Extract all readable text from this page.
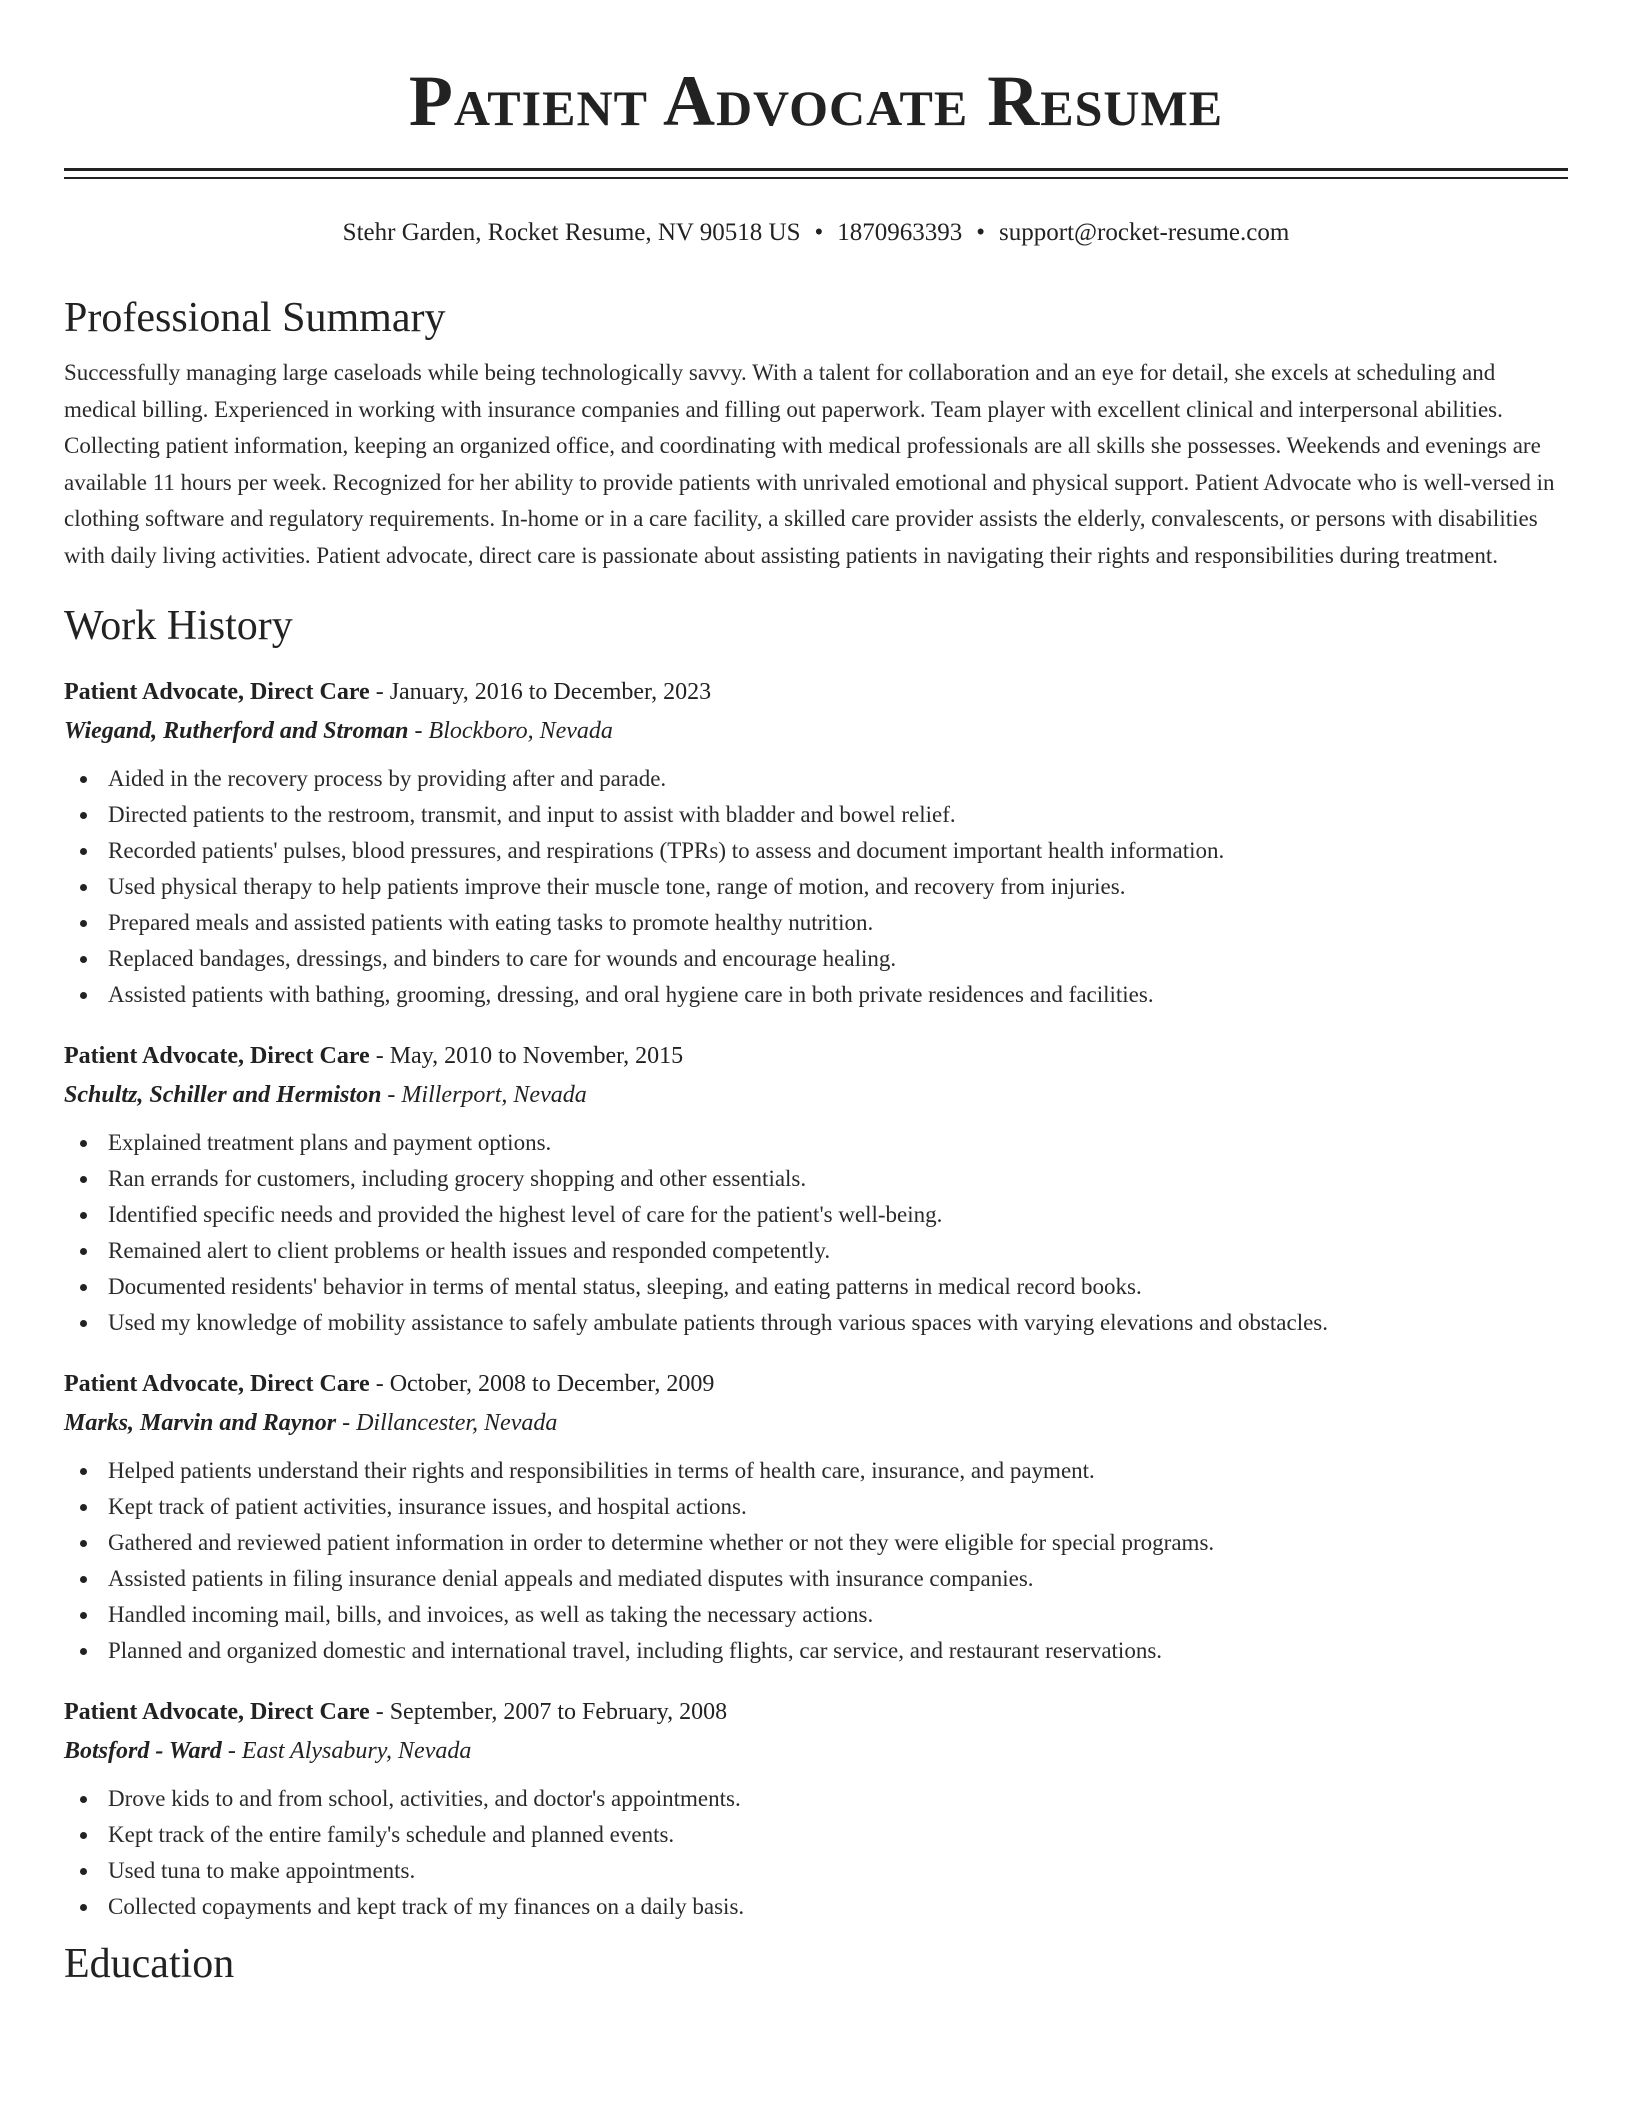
Patient Advocate Resume
Stehr Garden, Rocket Resume, NV 90518 US • 1870963393 • support@rocket-resume.com
Professional Summary
Successfully managing large caseloads while being technologically savvy. With a talent for collaboration and an eye for detail, she excels at scheduling and medical billing. Experienced in working with insurance companies and filling out paperwork. Team player with excellent clinical and interpersonal abilities. Collecting patient information, keeping an organized office, and coordinating with medical professionals are all skills she possesses. Weekends and evenings are available 11 hours per week. Recognized for her ability to provide patients with unrivaled emotional and physical support. Patient Advocate who is well-versed in clothing software and regulatory requirements. In-home or in a care facility, a skilled care provider assists the elderly, convalescents, or persons with disabilities with daily living activities. Patient advocate, direct care is passionate about assisting patients in navigating their rights and responsibilities during treatment.
Work History
Patient Advocate, Direct Care - January, 2016 to December, 2023
Wiegand, Rutherford and Stroman - Blockboro, Nevada
Aided in the recovery process by providing after and parade.
Directed patients to the restroom, transmit, and input to assist with bladder and bowel relief.
Recorded patients' pulses, blood pressures, and respirations (TPRs) to assess and document important health information.
Used physical therapy to help patients improve their muscle tone, range of motion, and recovery from injuries.
Prepared meals and assisted patients with eating tasks to promote healthy nutrition.
Replaced bandages, dressings, and binders to care for wounds and encourage healing.
Assisted patients with bathing, grooming, dressing, and oral hygiene care in both private residences and facilities.
Patient Advocate, Direct Care - May, 2010 to November, 2015
Schultz, Schiller and Hermiston - Millerport, Nevada
Explained treatment plans and payment options.
Ran errands for customers, including grocery shopping and other essentials.
Identified specific needs and provided the highest level of care for the patient's well-being.
Remained alert to client problems or health issues and responded competently.
Documented residents' behavior in terms of mental status, sleeping, and eating patterns in medical record books.
Used my knowledge of mobility assistance to safely ambulate patients through various spaces with varying elevations and obstacles.
Patient Advocate, Direct Care - October, 2008 to December, 2009
Marks, Marvin and Raynor - Dillancester, Nevada
Helped patients understand their rights and responsibilities in terms of health care, insurance, and payment.
Kept track of patient activities, insurance issues, and hospital actions.
Gathered and reviewed patient information in order to determine whether or not they were eligible for special programs.
Assisted patients in filing insurance denial appeals and mediated disputes with insurance companies.
Handled incoming mail, bills, and invoices, as well as taking the necessary actions.
Planned and organized domestic and international travel, including flights, car service, and restaurant reservations.
Patient Advocate, Direct Care - September, 2007 to February, 2008
Botsford - Ward - East Alysabury, Nevada
Drove kids to and from school, activities, and doctor's appointments.
Kept track of the entire family's schedule and planned events.
Used tuna to make appointments.
Collected copayments and kept track of my finances on a daily basis.
Education
